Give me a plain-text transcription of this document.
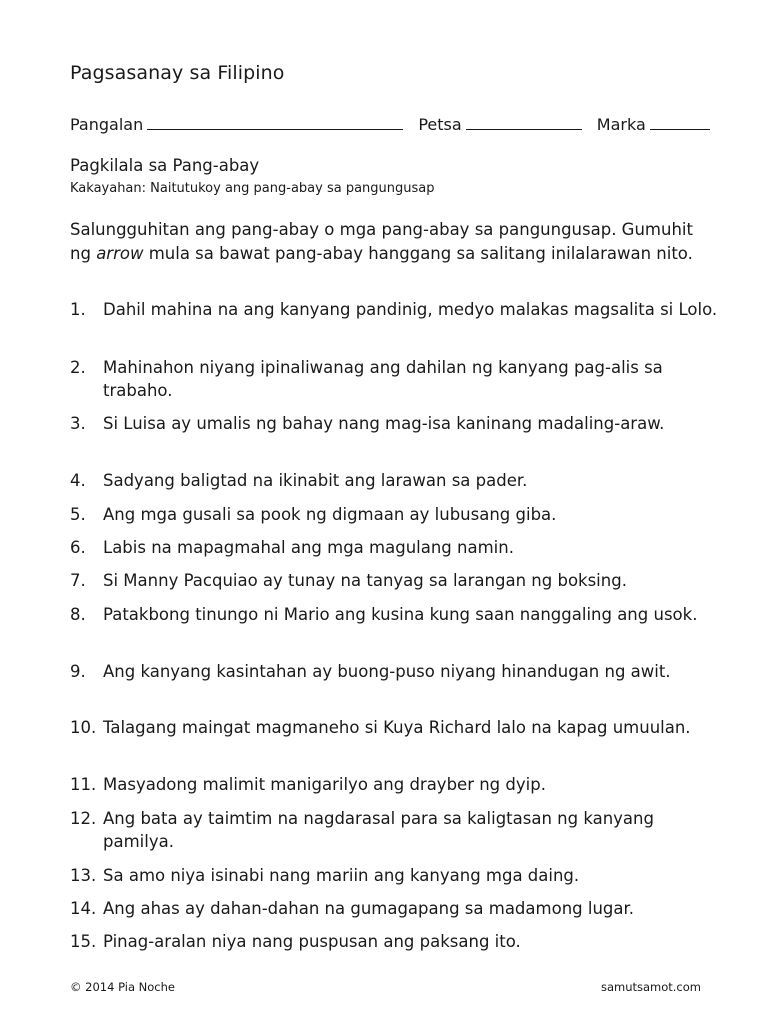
Pagsasanay sa Filipino
Pangalan	Petsa	Marka
Pagkilala sa Pang-abay
Kakayahan: Naitutukoy ang pang-abay sa pangungusap

Salungguhitan ang pang-abay o mga pang-abay sa pangungusap. Gumuhit ng arrow mula sa bawat pang-abay hanggang sa salitang inilalarawan nito.

1.	Dahil mahina na ang kanyang pandinig, medyo malakas magsalita si Lolo.
2.	Mahinahon niyang ipinaliwanag ang dahilan ng kanyang pag-alis sa trabaho.
3.	Si Luisa ay umalis ng bahay nang mag-isa kaninang madaling-araw.
4.	Sadyang baligtad na ikinabit ang larawan sa pader.
5.	Ang mga gusali sa pook ng digmaan ay lubusang giba.
6.	Labis na mapagmahal ang mga magulang namin.
7.	Si Manny Pacquiao ay tunay na tanyag sa larangan ng boksing.
8.	Patakbong tinungo ni Mario ang kusina kung saan nanggaling ang usok.
9.	Ang kanyang kasintahan ay buong-puso niyang hinandugan ng awit.
10. Talagang maingat magmaneho si Kuya Richard lalo na kapag umuulan.
11. Masyadong malimit manigarilyo ang drayber ng dyip.
12. Ang bata ay taimtim na nagdarasal para sa kaligtasan ng kanyang pamilya.
13. Sa amo niya isinabi nang mariin ang kanyang mga daing.
14. Ang ahas ay dahan-dahan na gumagapang sa madamong lugar.
15. Pinag-aralan niya nang puspusan ang paksang ito.
© 2014 Pia Noche	samutsamot.com
